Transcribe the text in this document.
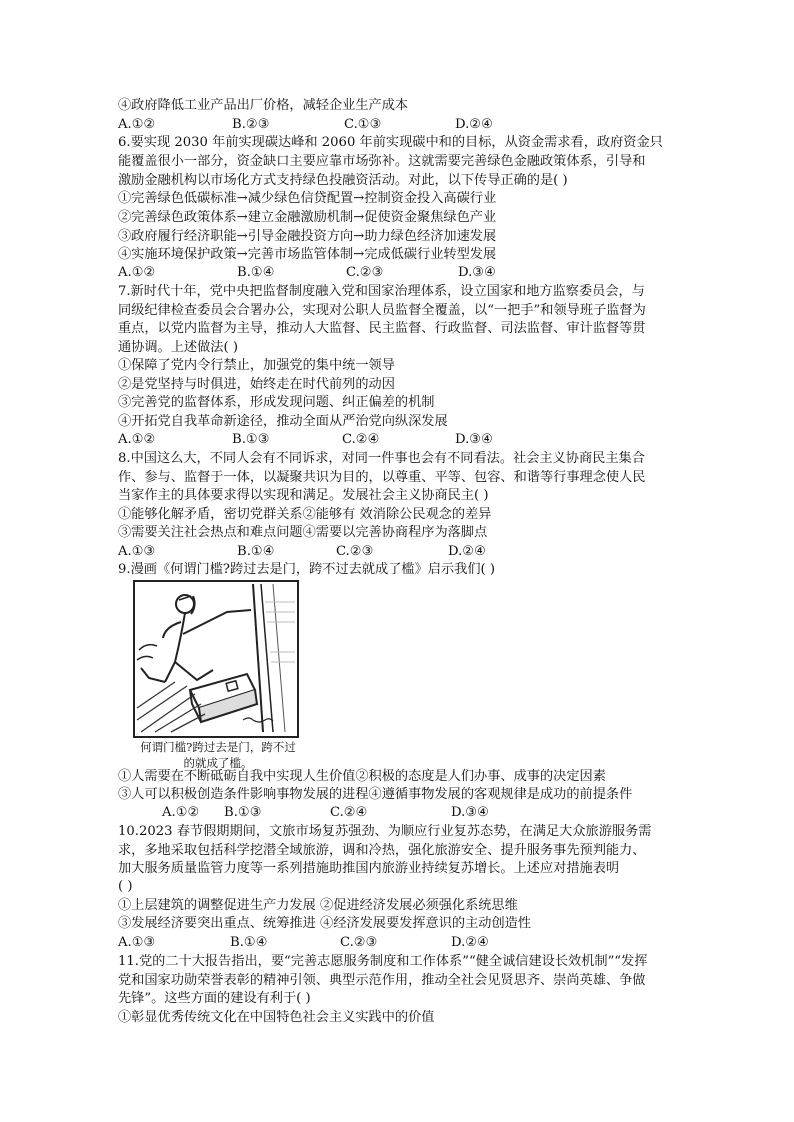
④政府降低工业产品出厂价格，减轻企业生产成本
A.①②	B.②③	C.①③	D.②④
6.要实现 2030 年前实现碳达峰和 2060 年前实现碳中和的目标，从资金需求看，政府资金只
能覆盖很小一部分，资金缺口主要应靠市场弥补。这就需要完善绿色金融政策体系，引导和
激励金融机构以市场化方式支持绿色投融资活动。对此，以下传导正确的是( )
①完善绿色低碳标准→减少绿色信贷配置→控制资金投入高碳行业
②完善绿色政策体系→建立金融激励机制→促使资金聚焦绿色产业
③政府履行经济职能→引导金融投资方向→助力绿色经济加速发展
④实施环境保护政策→完善市场监管体制→完成低碳行业转型发展
A.①②	B.①④	C.②③	D.③④
7.新时代十年，党中央把监督制度融入党和国家治理体系，设立国家和地方监察委员会，与
同级纪律检查委员会合署办公，实现对公职人员监督全覆盖，以“一把手”和领导班子监督为
重点，以党内监督为主导，推动人大监督、民主监督、行政监督、司法监督、审计监督等贯
通协调。上述做法( )
①保障了党内令行禁止，加强党的集中统一领导
②是党坚持与时俱进，始终走在时代前列的动因
③完善党的监督体系，形成发现问题、纠正偏差的机制
④开拓党自我革命新途径，推动全面从严治党向纵深发展
A.①②	B.①③	C.②④	D.③④
8.中国这么大，不同人会有不同诉求，对同一件事也会有不同看法。社会主义协商民主集合
作、参与、监督于一体，以凝聚共识为目的，以尊重、平等、包容、和谐等行事理念使人民
当家作主的具体要求得以实现和满足。发展社会主义协商民主( )
①能够化解矛盾，密切党群关系②能够有 效消除公民观念的差异
③需要关注社会热点和难点问题④需要以完善协商程序为落脚点
A.①③	B.①④	C.②③	D.②④
9.漫画《何谓门槛?跨过去是门，跨不过去就成了槛》启示我们( )
何谓门槛?跨过去是门，跨不过
的就成了槛。
①人需要在不断砥砺自我中实现人生价值②积极的态度是人们办事、成事的决定因素
③人可以积极创造条件影响事物发展的进程④遵循事物发展的客观规律是成功的前提条件
A.①② B.①③	C.②④	D.③④
10.2023 春节假期期间，文旅市场复苏强劲、为顺应行业复苏态势，在满足大众旅游服务需
求，多地采取包括科学挖潜全域旅游，调和冷热，强化旅游安全、提升服务事先预判能力、
加大服务质量监管力度等一系列措施助推国内旅游业持续复苏增长。上述应对措施表明
( )
①上层建筑的调整促进生产力发展 ②促进经济发展必须强化系统思维
③发展经济要突出重点、统筹推进 ④经济发展要发挥意识的主动创造性
A.①③	B.①④	C.②③	D.②④
11.党的二十大报告指出，要“完善志愿服务制度和工作体系”“健全诚信建设长效机制”“发挥
党和国家功勋荣誉表彰的精神引领、典型示范作用，推动全社会见贤思齐、崇尚英雄、争做
先锋”。这些方面的建设有利于( )
①彰显优秀传统文化在中国特色社会主义实践中的价值
